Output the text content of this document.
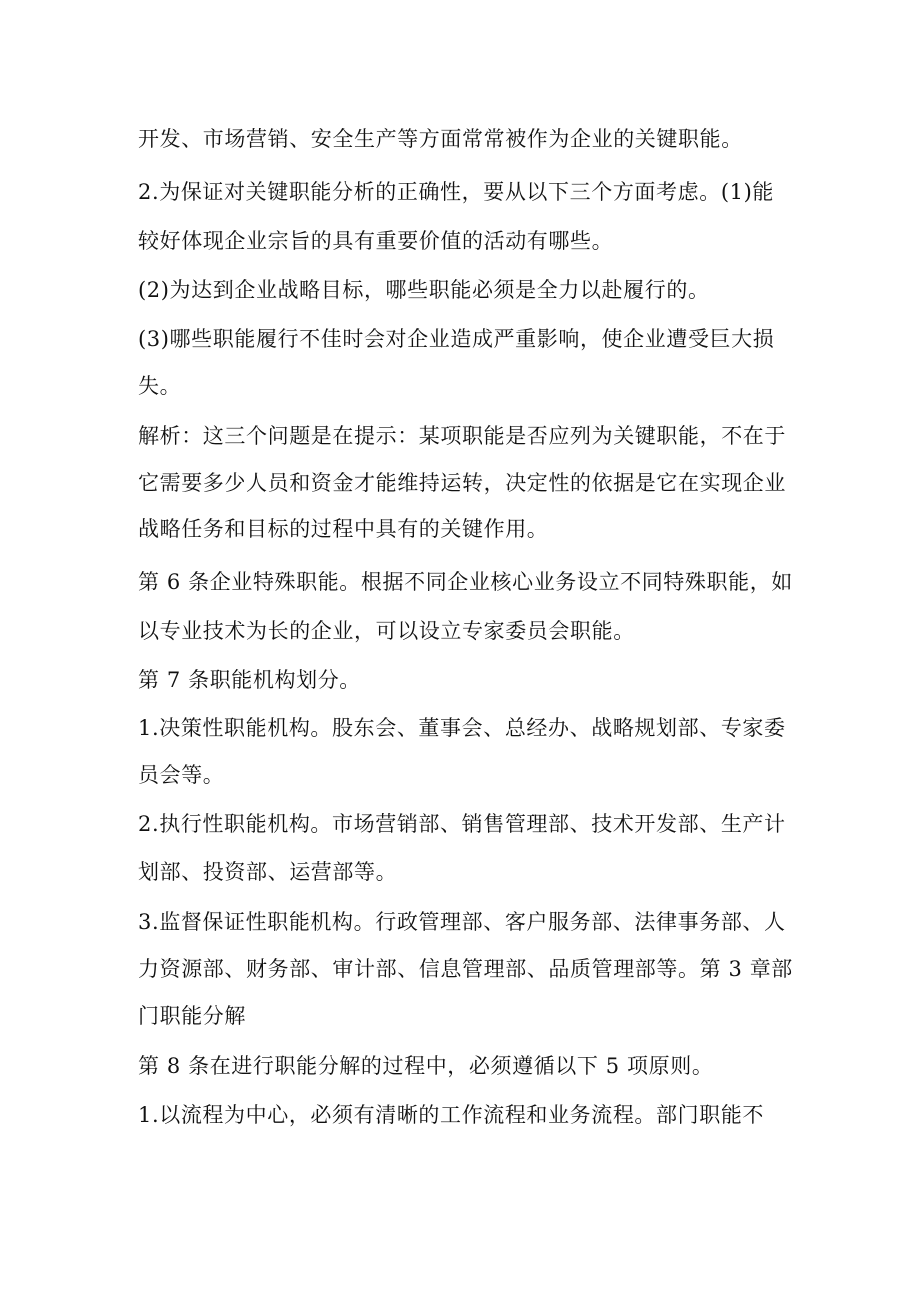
开发、市场营销、安全生产等方面常常被作为企业的关键职能。
2.为保证对关键职能分析的正确性，要从以下三个方面考虑。(1)能
较好体现企业宗旨的具有重要价值的活动有哪些。
(2)为达到企业战略目标，哪些职能必须是全力以赴履行的。
(3)哪些职能履行不佳时会对企业造成严重影响，使企业遭受巨大损
失。
解析：这三个问题是在提示：某项职能是否应列为关键职能，不在于
它需要多少人员和资金才能维持运转，决定性的依据是它在实现企业
战略任务和目标的过程中具有的关键作用。
第 6 条企业特殊职能。根据不同企业核心业务设立不同特殊职能，如
以专业技术为长的企业，可以设立专家委员会职能。
第 7 条职能机构划分。
1.决策性职能机构。股东会、董事会、总经办、战略规划部、专家委
员会等。
2.执行性职能机构。市场营销部、销售管理部、技术开发部、生产计
划部、投资部、运营部等。
3.监督保证性职能机构。行政管理部、客户服务部、法律事务部、人
力资源部、财务部、审计部、信息管理部、品质管理部等。第 3 章部
门职能分解
第 8 条在进行职能分解的过程中，必须遵循以下 5 项原则。
1.以流程为中心，必须有清晰的工作流程和业务流程。部门职能不
